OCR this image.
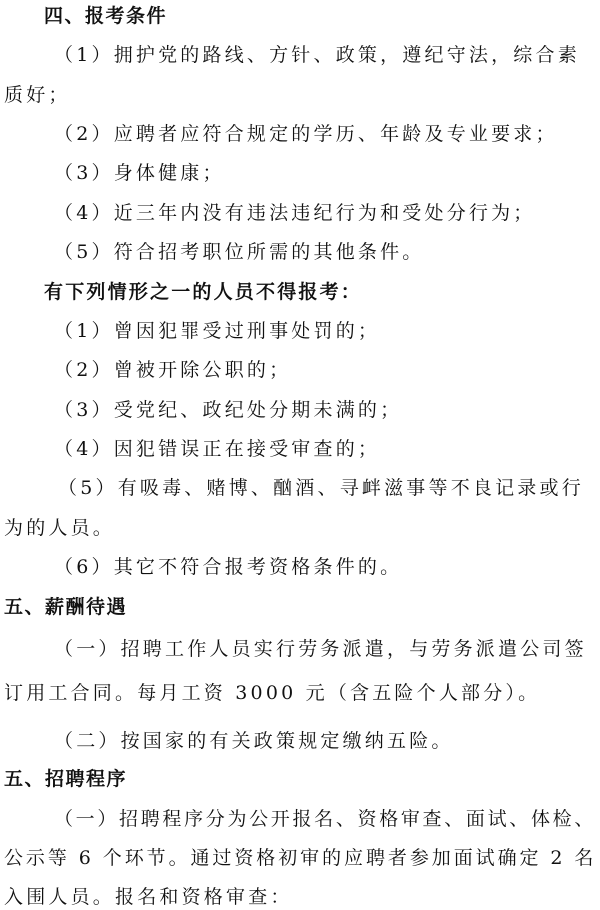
四、报考条件
（1）拥护党的路线、方针、政策，遵纪守法，综合素
质好；
（2）应聘者应符合规定的学历、年龄及专业要求；
（3）身体健康；
（4）近三年内没有违法违纪行为和受处分行为；
（5）符合招考职位所需的其他条件。
有下列情形之一的人员不得报考：
（1）曾因犯罪受过刑事处罚的；
（2）曾被开除公职的；
（3）受党纪、政纪处分期未满的；
（4）因犯错误正在接受审查的；
（5）有吸毒、赌博、酗酒、寻衅滋事等不良记录或行
为的人员。
（6）其它不符合报考资格条件的。
五、薪酬待遇
（一）招聘工作人员实行劳务派遣，与劳务派遣公司签
订用工合同。每月工资 3000 元（含五险个人部分）。
（二）按国家的有关政策规定缴纳五险。
五、招聘程序
（一）招聘程序分为公开报名、资格审查、面试、体检、
公示等 6 个环节。通过资格初审的应聘者参加面试确定 2 名
入围人员。报名和资格审查：
